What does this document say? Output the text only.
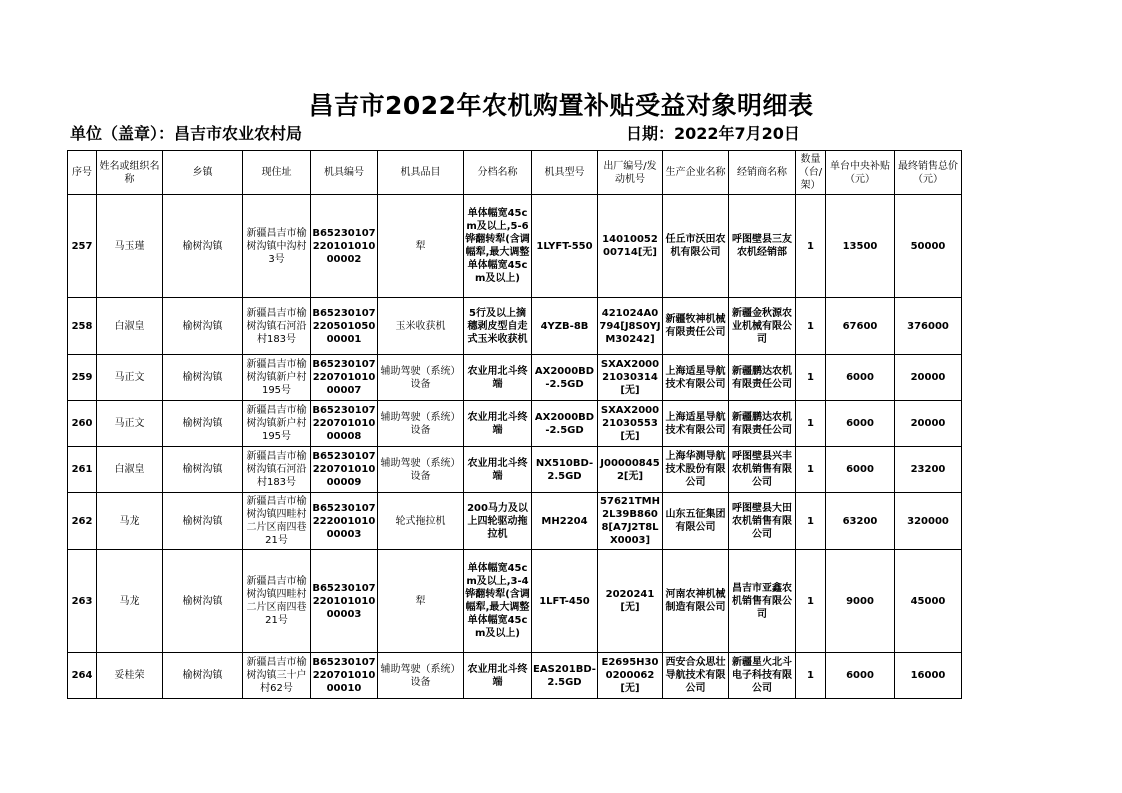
昌吉市2022年农机购置补贴受益对象明细表
单位（盖章）：昌吉市农业农村局	日期：2022年7月20日
序号	姓名或组织名称	乡镇	现住址	机具编号	机具品目	分档名称	机具型号	出厂编号/发动机号	生产企业名称	经销商名称	数量（台/架）	单台中央补贴（元）	最终销售总价（元）
257	马玉瑾	榆树沟镇	新疆昌吉市榆树沟镇中沟村3号	B6523010722010101000002	犁	单体幅宽45cm及以上,5-6铧翻转犁(含调幅犁,最大调整单体幅宽45cm及以上)	1LYFT-550	1401005200714[无]	任丘市沃田农机有限公司	呼图壁县三友农机经销部	1	13500	50000
258	白淑皇	榆树沟镇	新疆昌吉市榆树沟镇石河沿村183号	B6523010722050105000001	玉米收获机	5行及以上摘穗剥皮型自走式玉米收获机	4YZB-8B	421024A0794[J8S0YJM30242]	新疆牧神机械有限责任公司	新疆金秋源农业机械有限公司	1	67600	376000
259	马正文	榆树沟镇	新疆昌吉市榆树沟镇新户村195号	B6523010722070101000007	辅助驾驶（系统）设备	农业用北斗终端	AX2000BD-2.5GD	SXAX200021030314[无]	上海适星导航技术有限公司	新疆鹏达农机有限责任公司	1	6000	20000
260	马正文	榆树沟镇	新疆昌吉市榆树沟镇新户村195号	B6523010722070101000008	辅助驾驶（系统）设备	农业用北斗终端	AX2000BD-2.5GD	SXAX200021030553[无]	上海适星导航技术有限公司	新疆鹏达农机有限责任公司	1	6000	20000
261	白淑皇	榆树沟镇	新疆昌吉市榆树沟镇石河沿村183号	B6523010722070101000009	辅助驾驶（系统）设备	农业用北斗终端	NX510BD-2.5GD	J000008452[无]	上海华测导航技术股份有限公司	呼图壁县兴丰农机销售有限公司	1	6000	23200
262	马龙	榆树沟镇	新疆昌吉市榆树沟镇四畦村二片区南四巷21号	B6523010722200101000003	轮式拖拉机	200马力及以上四轮驱动拖拉机	MH2204	57621TMH2L39B8608[A7J2T8LX0003]	山东五征集团有限公司	呼图壁县大田农机销售有限公司	1	63200	320000
263	马龙	榆树沟镇	新疆昌吉市榆树沟镇四畦村二片区南四巷21号	B6523010722010101000003	犁	单体幅宽45cm及以上,3-4铧翻转犁(含调幅犁,最大调整单体幅宽45cm及以上)	1LFT-450	2020241[无]	河南农神机械制造有限公司	昌吉市亚鑫农机销售有限公司	1	9000	45000
264	妥桂荣	榆树沟镇	新疆昌吉市榆树沟镇三十户村62号	B6523010722070101000010	辅助驾驶（系统）设备	农业用北斗终端	EAS201BD-2.5GD	E2695H300200062[无]	西安合众思壮导航技术有限公司	新疆星火北斗电子科技有限公司	1	6000	16000
